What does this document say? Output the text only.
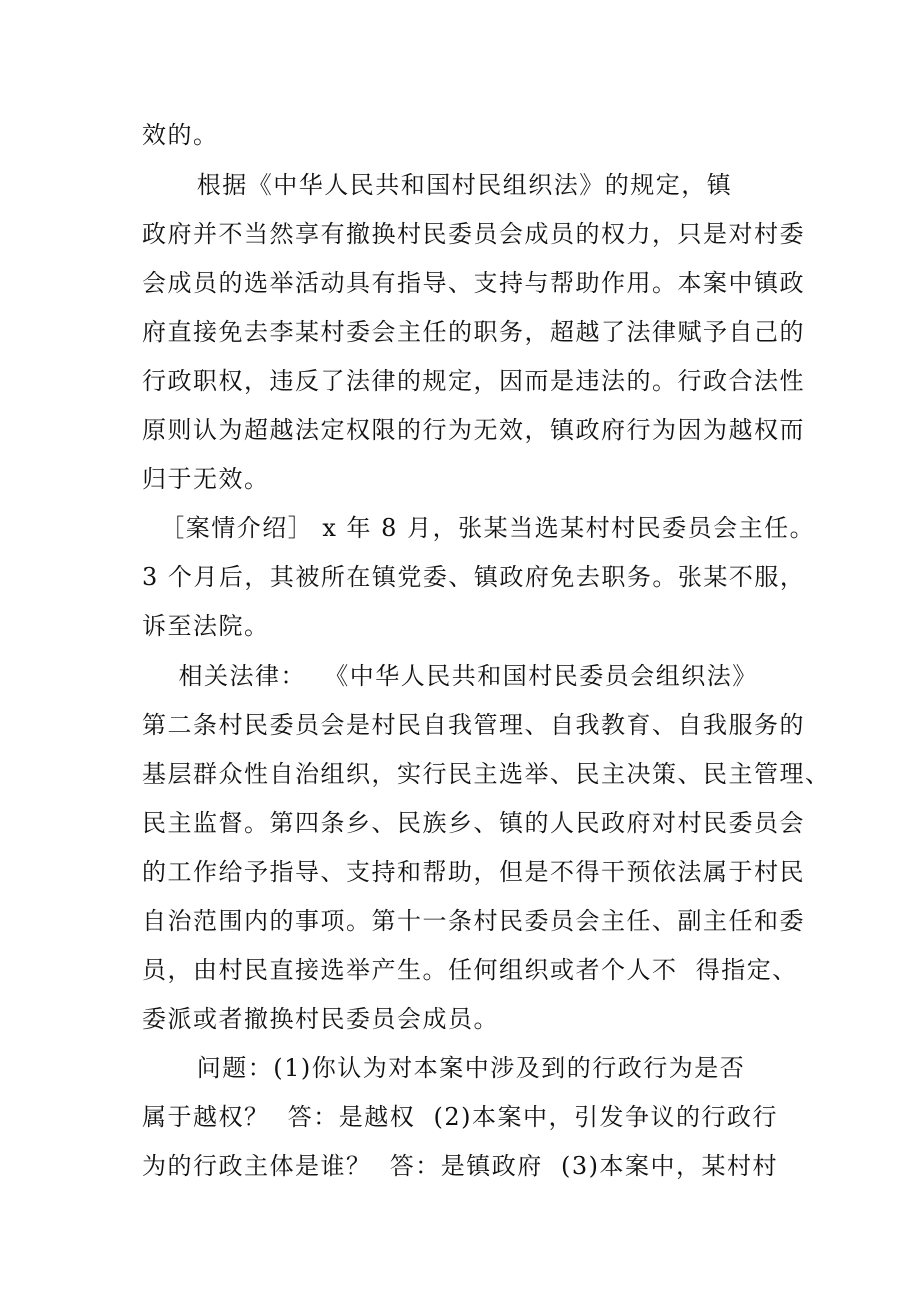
效的。
根据《中华人民共和国村民组织法》的规定，镇
政府并不当然享有撤换村民委员会成员的权力，只是对村委
会成员的选举活动具有指导、支持与帮助作用。本案中镇政
府直接免去李某村委会主任的职务，超越了法律赋予自己的
行政职权，违反了法律的规定，因而是违法的。行政合法性
原则认为超越法定权限的行为无效，镇政府行为因为越权而
归于无效。
［案情介绍］ x 年 8 月，张某当选某村村民委员会主任。
3 个月后，其被所在镇党委、镇政府免去职务。张某不服，
诉至法院。
相关法律：  《中华人民共和国村民委员会组织法》
第二条村民委员会是村民自我管理、自我教育、自我服务的
基层群众性自治组织，实行民主选举、民主决策、民主管理、
民主监督。第四条乡、民族乡、镇的人民政府对村民委员会
的工作给予指导、支持和帮助，但是不得干预依法属于村民
自治范围内的事项。第十一条村民委员会主任、副主任和委
员，由村民直接选举产生。任何组织或者个人不  得指定、
委派或者撤换村民委员会成员。
问题：(1)你认为对本案中涉及到的行政行为是否
属于越权？  答：是越权  (2)本案中，引发争议的行政行
为的行政主体是谁？  答：是镇政府  (3)本案中，某村村
